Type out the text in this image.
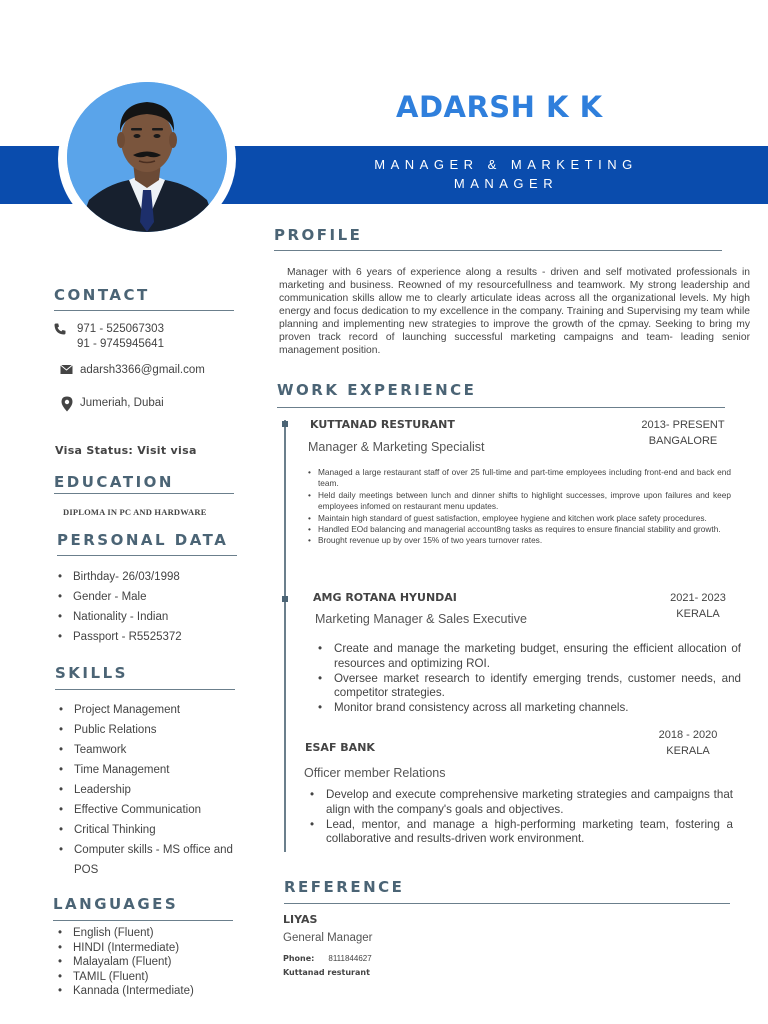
ADARSH K K
MANAGER & MARKETING
MANAGER
CONTACT
971 - 525067303
91 - 9745945641
adarsh3366@gmail.com
Jumeriah, Dubai
Visa Status: Visit visa
EDUCATION
DIPLOMA IN PC AND HARDWARE
PERSONAL DATA
• Birthday- 26/03/1998
• Gender - Male
• Nationality - Indian
• Passport - R5525372
SKILLS
• Project Management
• Public Relations
• Teamwork
• Time Management
• Leadership
• Effective Communication
• Critical Thinking
• Computer skills - MS office and POS
LANGUAGES
• English (Fluent)
• HINDI (Intermediate)
• Malayalam (Fluent)
• TAMIL (Fluent)
• Kannada (Intermediate)
PROFILE
Manager with 6 years of experience along a results - driven and self motivated professionals in marketing and business. Reowned of my resourcefullness and teamwork. My strong leadership and communication skills allow me to clearly articulate ideas across all the organizational levels. My high energy and focus dedication to my excellence in the company. Training and Supervising my team while planning and implementing new strategies to improve the growth of the cpmay. Seeking to bring my proven track record of launching successful marketing campaigns and team- leading senior management position.
WORK EXPERIENCE
KUTTANAD RESTURANT
Manager & Marketing Specialist
2013- PRESENT
BANGALORE
• Managed a large restaurant staff of over 25 full-time and part-time employees including front-end and back end team.
• Held daily meetings between lunch and dinner shifts to highlight successes, improve upon failures and keep employees infomed on restaurant menu updates.
• Maintain high standard of guest satisfaction, employee hygiene and kitchen work place safety procedures.
• Handled EOd balancing and managerial account8ng tasks as requires to ensure financial stability and growth.
• Brought revenue up by over 15% of two years turnover rates.
AMG ROTANA HYUNDAI
Marketing Manager & Sales Executive
2021- 2023
KERALA
• Create and manage the marketing budget, ensuring the efficient allocation of resources and optimizing ROI.
• Oversee market research to identify emerging trends, customer needs, and competitor strategies.
• Monitor brand consistency across all marketing channels.
ESAF BANK
Officer member Relations
2018 - 2020
KERALA
• Develop and execute comprehensive marketing strategies and campaigns that align with the company's goals and objectives.
• Lead, mentor, and manage a high-performing marketing team, fostering a collaborative and results-driven work environment.
REFERENCE
LIYAS
General Manager
Phone: 8111844627
Kuttanad resturant
